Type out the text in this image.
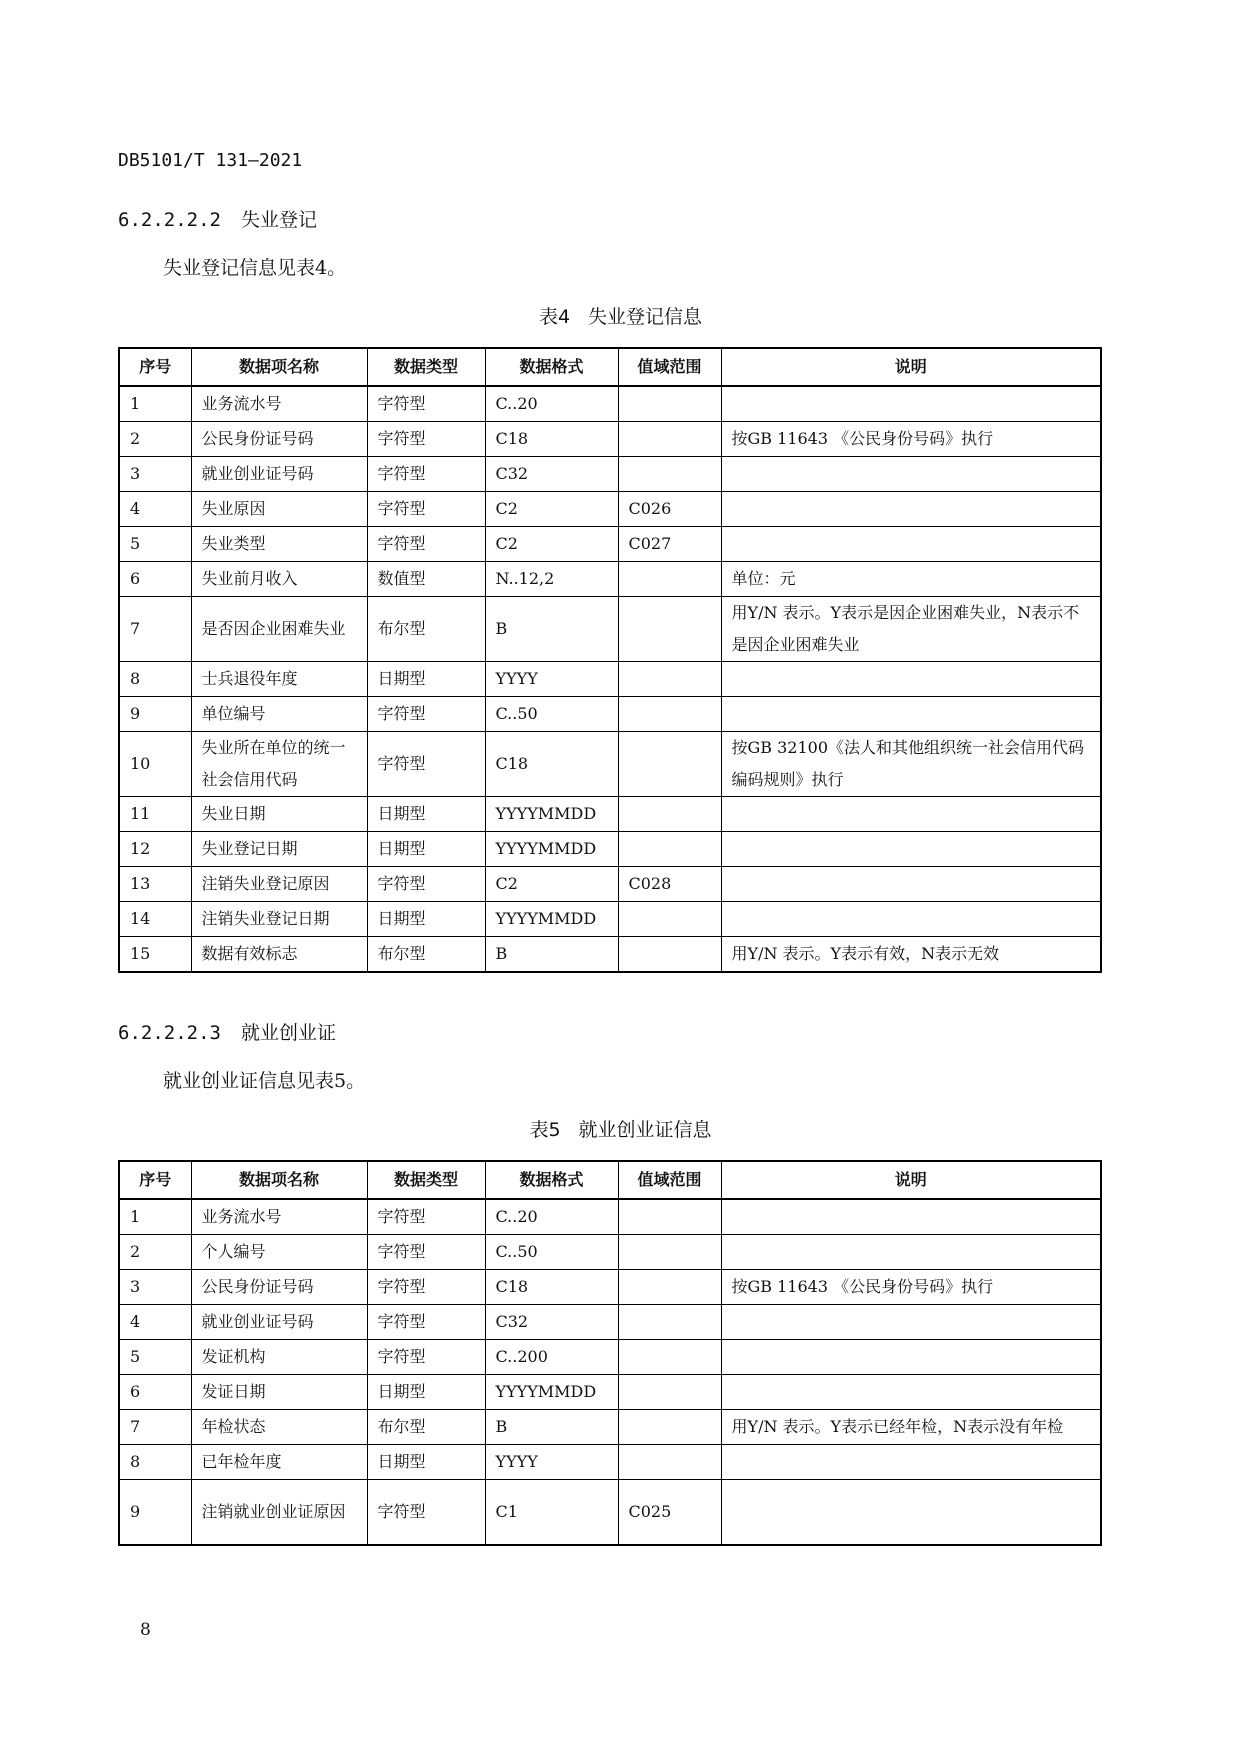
DB5101/T 131—2021
6.2.2.2.2 失业登记
失业登记信息见表4。
表4 失业登记信息
序号	数据项名称	数据类型	数据格式	值域范围	说明
1	业务流水号	字符型	C..20		
2	公民身份证号码	字符型	C18		按GB 11643 《公民身份号码》执行
3	就业创业证号码	字符型	C32		
4	失业原因	字符型	C2	C026	
5	失业类型	字符型	C2	C027	
6	失业前月收入	数值型	N..12,2		单位：元
7	是否因企业困难失业	布尔型	B		用Y/N 表示。Y表示是因企业困难失业，N表示不是因企业困难失业
8	士兵退役年度	日期型	YYYY		
9	单位编号	字符型	C..50		
10	失业所在单位的统一社会信用代码	字符型	C18		按GB 32100《法人和其他组织统一社会信用代码编码规则》执行
11	失业日期	日期型	YYYYMMDD		
12	失业登记日期	日期型	YYYYMMDD		
13	注销失业登记原因	字符型	C2	C028	
14	注销失业登记日期	日期型	YYYYMMDD		
15	数据有效标志	布尔型	B		用Y/N 表示。Y表示有效，N表示无效
6.2.2.2.3 就业创业证
就业创业证信息见表5。
表5 就业创业证信息
序号	数据项名称	数据类型	数据格式	值域范围	说明
1	业务流水号	字符型	C..20		
2	个人编号	字符型	C..50		
3	公民身份证号码	字符型	C18		按GB 11643 《公民身份号码》执行
4	就业创业证号码	字符型	C32		
5	发证机构	字符型	C..200		
6	发证日期	日期型	YYYYMMDD		
7	年检状态	布尔型	B		用Y/N 表示。Y表示已经年检，N表示没有年检
8	已年检年度	日期型	YYYY		
9	注销就业创业证原因	字符型	C1	C025	
8
